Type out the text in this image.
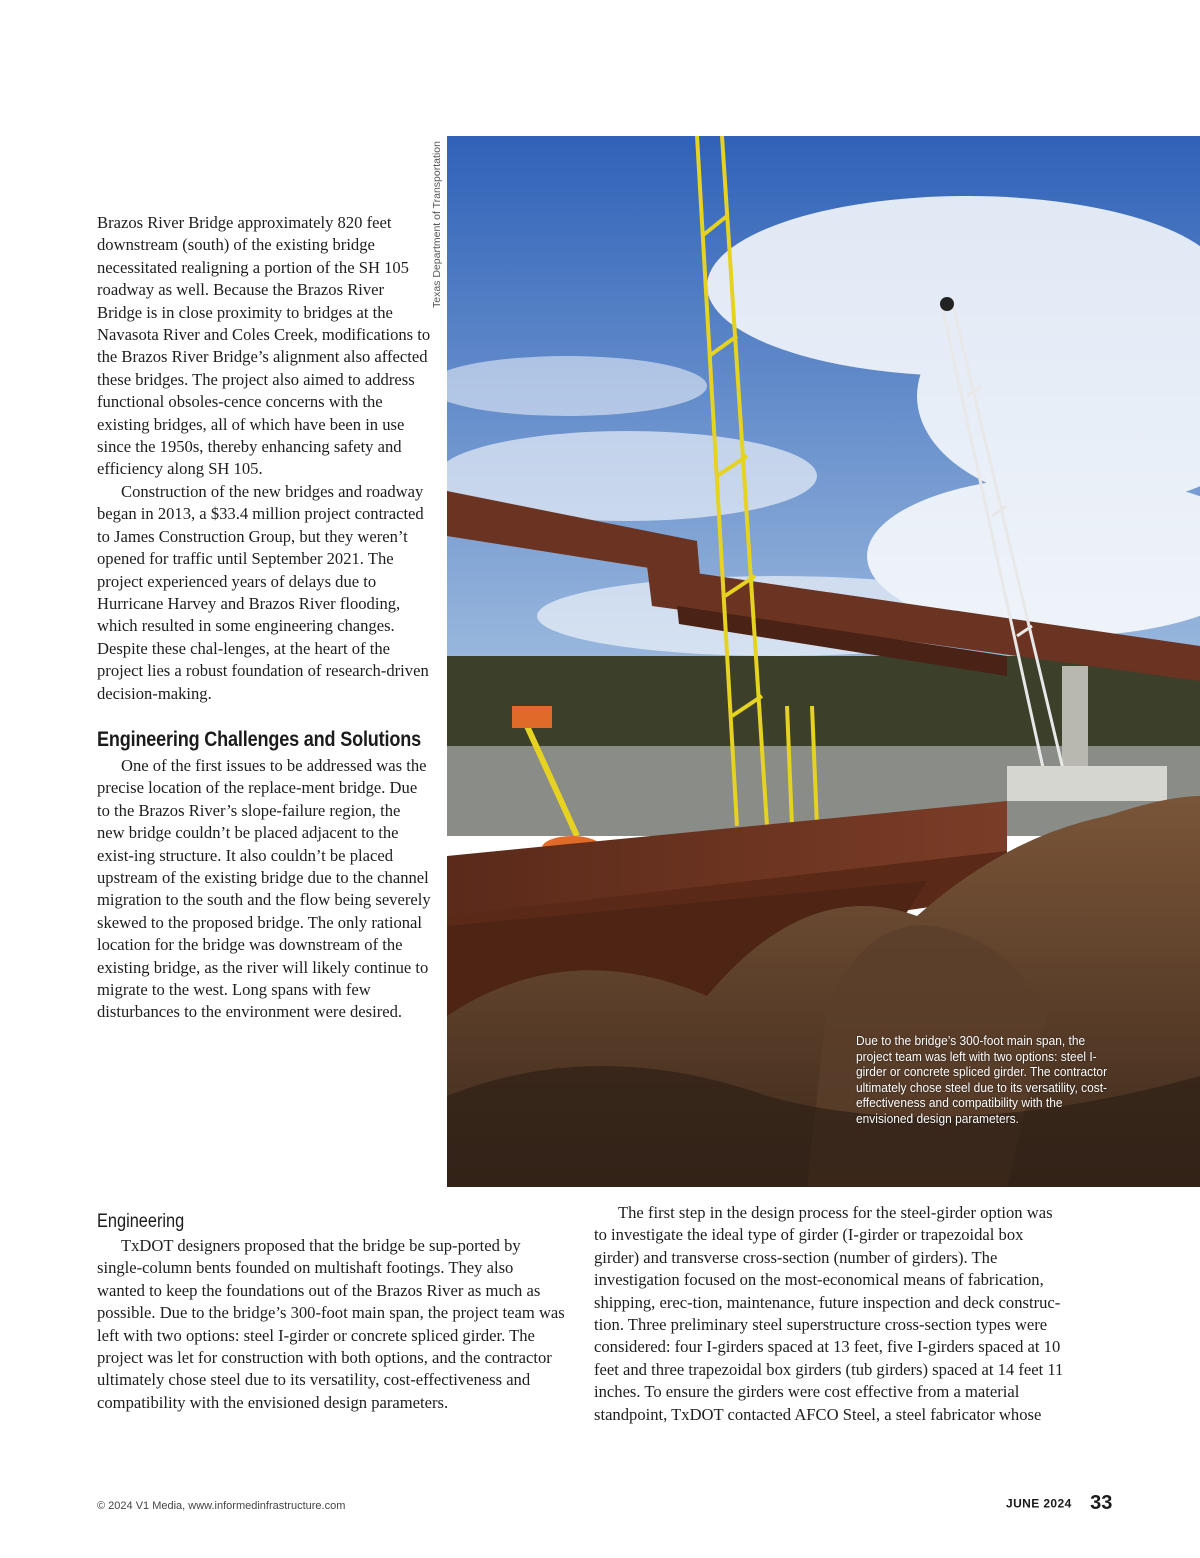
Brazos River Bridge approximately 820 feet downstream (south) of the existing bridge necessitated realigning a portion of the SH 105 roadway as well. Because the Brazos River Bridge is in close proximity to bridges at the Navasota River and Coles Creek, modifications to the Brazos River Bridge’s alignment also affected these bridges. The project also aimed to address functional obsoles-cence concerns with the existing bridges, all of which have been in use since the 1950s, thereby enhancing safety and efficiency along SH 105.

Construction of the new bridges and roadway began in 2013, a $33.4 million project contracted to James Construction Group, but they weren’t opened for traffic until September 2021. The project experienced years of delays due to Hurricane Harvey and Brazos River flooding, which resulted in some engineering changes. Despite these chal-lenges, at the heart of the project lies a robust foundation of research-driven decision-making.

Engineering Challenges and Solutions

One of the first issues to be addressed was the precise location of the replace-ment bridge. Due to the Brazos River’s slope-failure region, the new bridge couldn’t be placed adjacent to the exist-ing structure. It also couldn’t be placed upstream of the existing bridge due to the channel migration to the south and the flow being severely skewed to the proposed bridge. The only rational location for the bridge was downstream of the existing bridge, as the river will likely continue to migrate to the west. Long spans with few disturbances to the environment were desired.

Texas Department of Transportation
Due to the bridge’s 300-foot main span, the project team was left with two options: steel I-girder or concrete spliced girder. The contractor ultimately chose steel due to its versatility, cost-effectiveness and compatibility with the envisioned design parameters.
Engineering

TxDOT designers proposed that the bridge be sup-ported by single-column bents founded on multishaft footings. They also wanted to keep the foundations out of the Brazos River as much as possible. Due to the bridge’s 300-foot main span, the project team was left with two options: steel I-girder or concrete spliced girder. The project was let for construction with both options, and the contractor ultimately chose steel due to its versatility, cost-effectiveness and compatibility with the envisioned design parameters.

The first step in the design process for the steel-girder option was to investigate the ideal type of girder (I-girder or trapezoidal box girder) and transverse cross-section (number of girders). The investigation focused on the most-economical means of fabrication, shipping, erec-tion, maintenance, future inspection and deck construc-tion. Three preliminary steel superstructure cross-section types were considered: four I-girders spaced at 13 feet, five I-girders spaced at 10 feet and three trapezoidal box girders (tub girders) spaced at 14 feet 11 inches. To ensure the girders were cost effective from a material standpoint, TxDOT contacted AFCO Steel, a steel fabricator whose

© 2024 V1 Media, www.informedinfrastructure.com	JUNE 2024 33
